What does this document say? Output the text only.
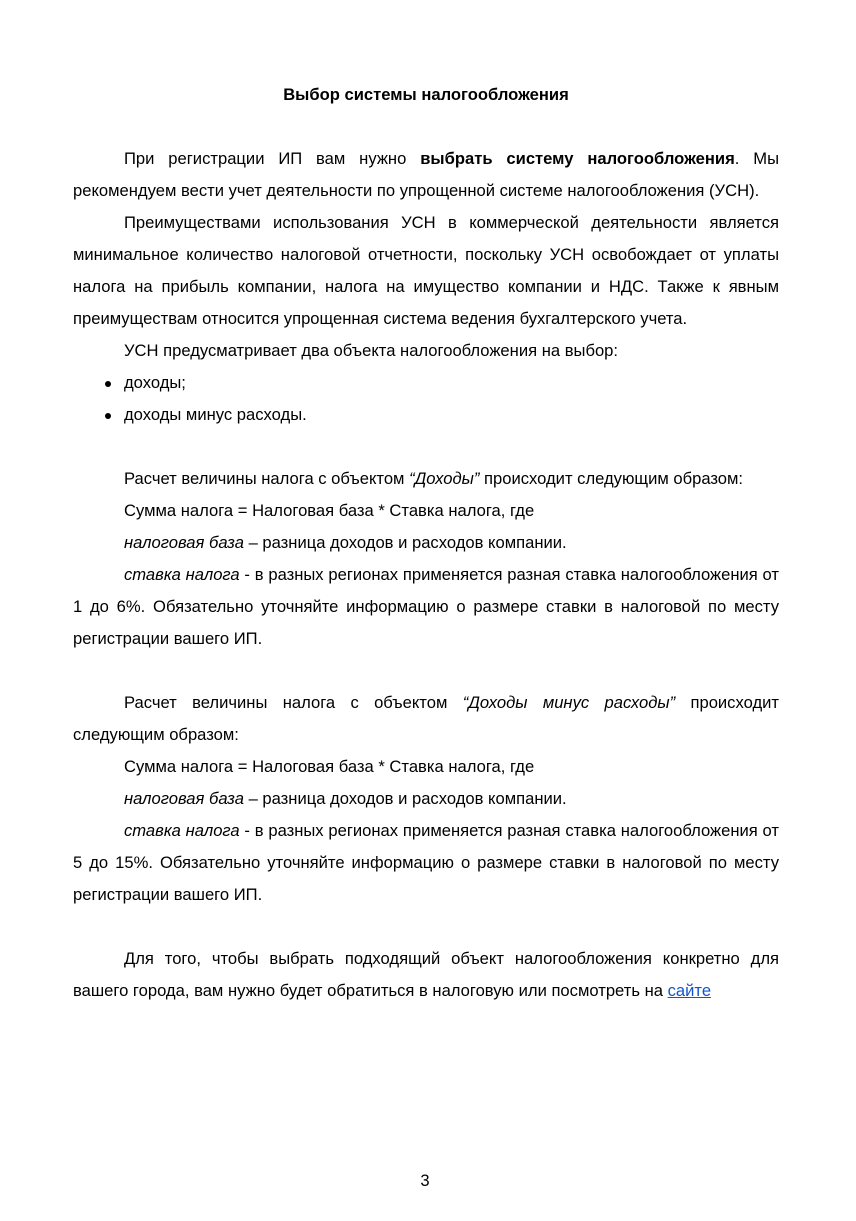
Выбор системы налогообложения

При регистрации ИП вам нужно выбрать систему налогообложения. Мы рекомендуем вести учет деятельности по упрощенной системе налогообложения (УСН).

Преимуществами использования УСН в коммерческой деятельности является минимальное количество налоговой отчетности, поскольку УСН освобождает от уплаты налога на прибыль компании, налога на имущество компании и НДС. Также к явным преимуществам относится упрощенная система ведения бухгалтерского учета.

УСН предусматривает два объекта налогообложения на выбор:

доходы;
доходы минус расходы.

Расчет величины налога с объектом “Доходы” происходит следующим образом:

Сумма налога = Налоговая база * Ставка налога, где

налоговая база – разница доходов и расходов компании.

ставка налога - в разных регионах применяется разная ставка налогообложения от 1 до 6%. Обязательно уточняйте информацию о размере ставки в налоговой по месту регистрации вашего ИП.

Расчет величины налога с объектом “Доходы минус расходы” происходит следующим образом:

Сумма налога = Налоговая база * Ставка налога, где

налоговая база – разница доходов и расходов компании.

ставка налога - в разных регионах применяется разная ставка налогообложения от 5 до 15%. Обязательно уточняйте информацию о размере ставки в налоговой по месту регистрации вашего ИП.

Для того, чтобы выбрать подходящий объект налогообложения конкретно для вашего города, вам нужно будет обратиться в налоговую или посмотреть на сайте

3
